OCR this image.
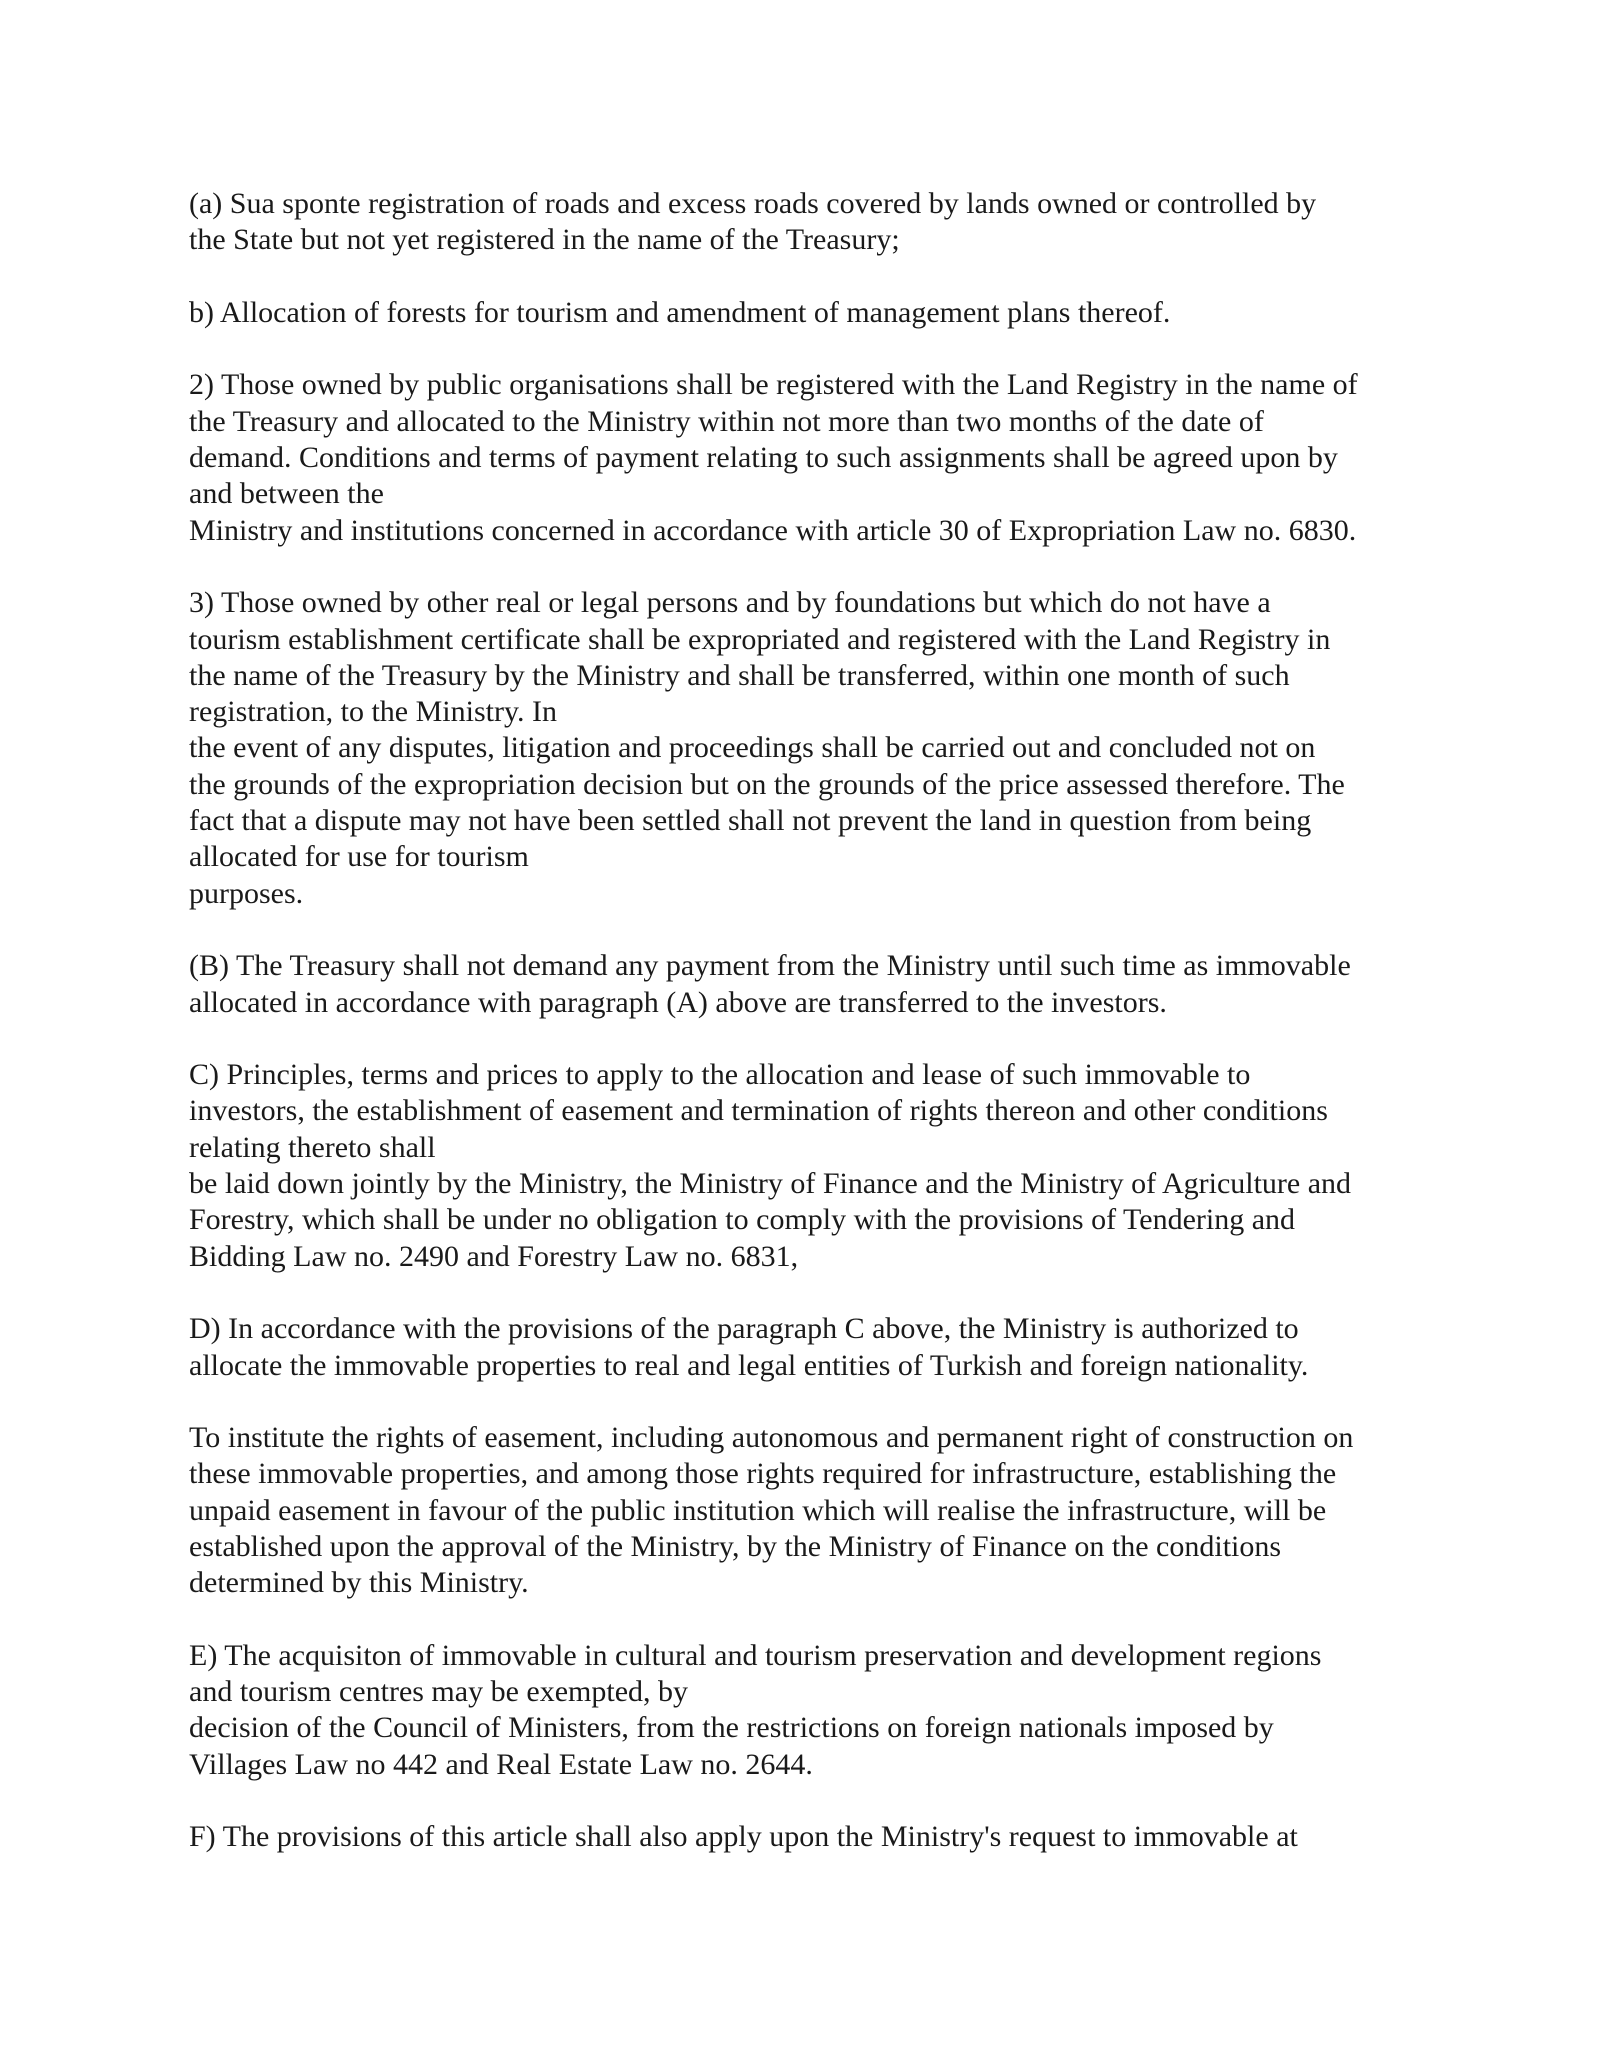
(a) Sua sponte registration of roads and excess roads covered by lands owned or controlled by
the State but not yet registered in the name of the Treasury;
b) Allocation of forests for tourism and amendment of management plans thereof.
2) Those owned by public organisations shall be registered with the Land Registry in the name of
the Treasury and allocated to the Ministry within not more than two months of the date of
demand. Conditions and terms of payment relating to such assignments shall be agreed upon by
and between the
Ministry and institutions concerned in accordance with article 30 of Expropriation Law no. 6830.
3) Those owned by other real or legal persons and by foundations but which do not have a
tourism establishment certificate shall be expropriated and registered with the Land Registry in
the name of the Treasury by the Ministry and shall be transferred, within one month of such
registration, to the Ministry. In
the event of any disputes, litigation and proceedings shall be carried out and concluded not on
the grounds of the expropriation decision but on the grounds of the price assessed therefore. The
fact that a dispute may not have been settled shall not prevent the land in question from being
allocated for use for tourism
purposes.
(B) The Treasury shall not demand any payment from the Ministry until such time as immovable
allocated in accordance with paragraph (A) above are transferred to the investors.
C) Principles, terms and prices to apply to the allocation and lease of such immovable to
investors, the establishment of easement and termination of rights thereon and other conditions
relating thereto shall
be laid down jointly by the Ministry, the Ministry of Finance and the Ministry of Agriculture and
Forestry, which shall be under no obligation to comply with the provisions of Tendering and
Bidding Law no. 2490 and Forestry Law no. 6831,
D) In accordance with the provisions of the paragraph C above, the Ministry is authorized to
allocate the immovable properties to real and legal entities of Turkish and foreign nationality.
To institute the rights of easement, including autonomous and permanent right of construction on
these immovable properties, and among those rights required for infrastructure, establishing the
unpaid easement in favour of the public institution which will realise the infrastructure, will be
established upon the approval of the Ministry, by the Ministry of Finance on the conditions
determined by this Ministry.
E) The acquisiton of immovable in cultural and tourism preservation and development regions
and tourism centres may be exempted, by
decision of the Council of Ministers, from the restrictions on foreign nationals imposed by
Villages Law no 442 and Real Estate Law no. 2644.
F) The provisions of this article shall also apply upon the Ministry's request to immovable at
